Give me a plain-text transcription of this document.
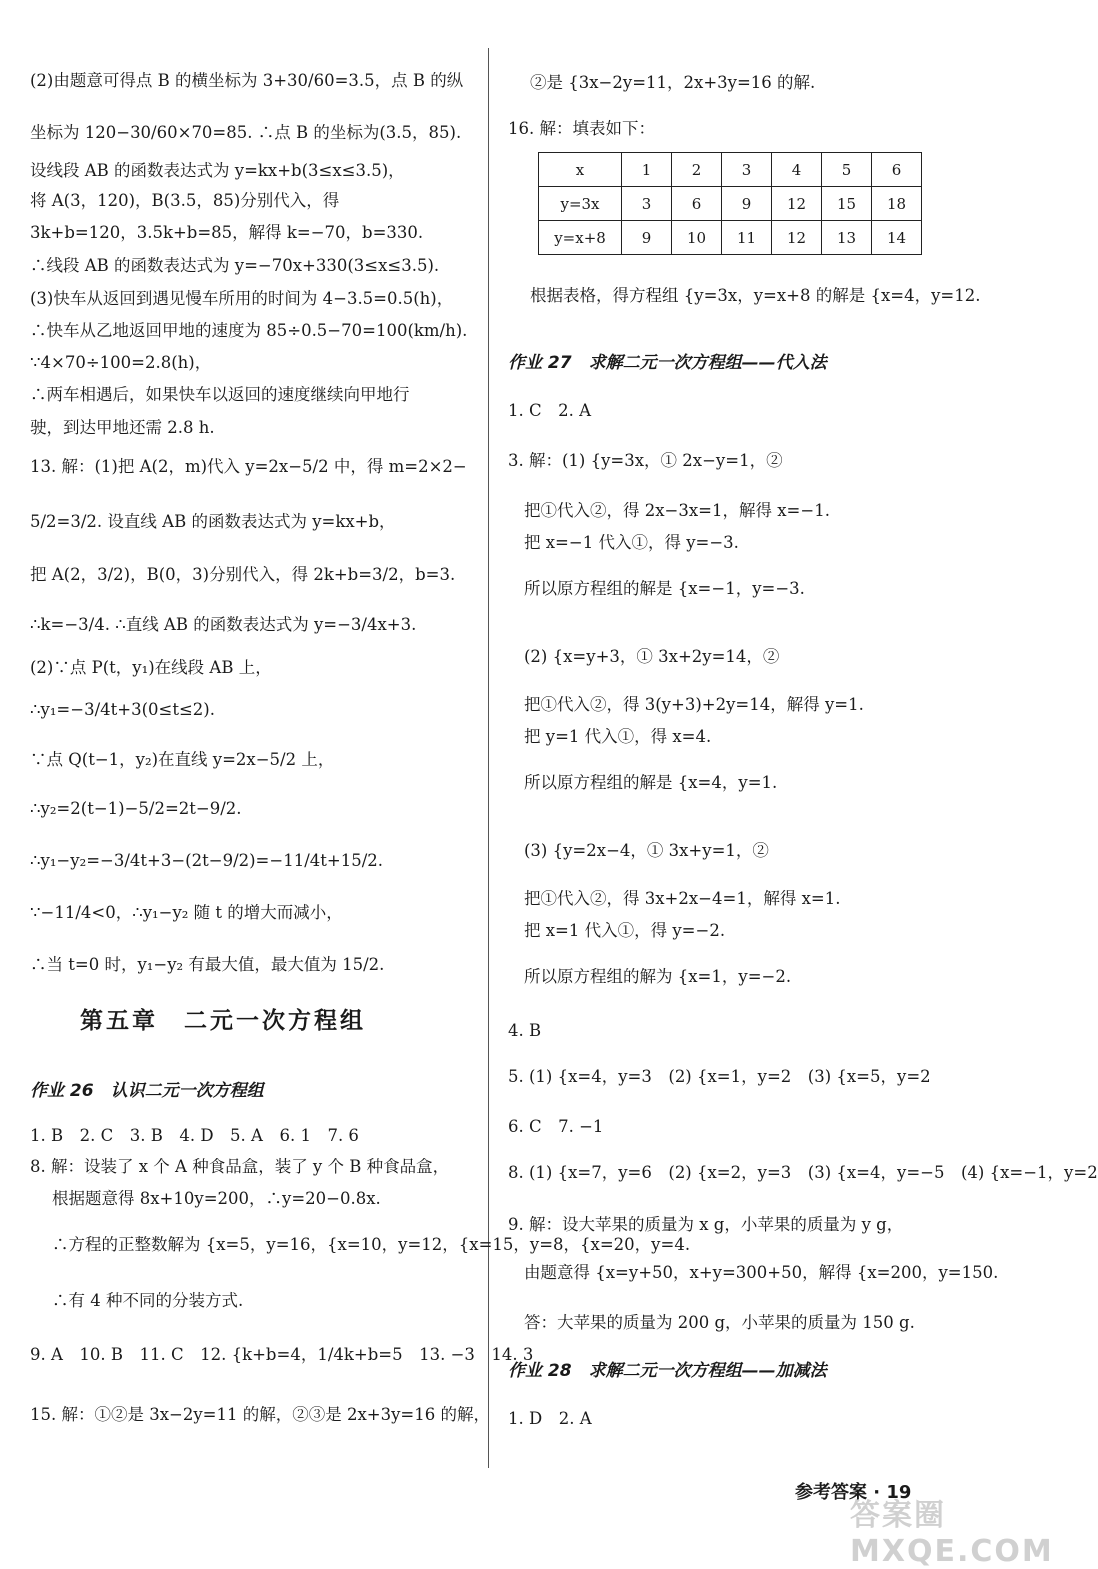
(2)由题意可得点 B 的横坐标为 3+30/60=3.5，点 B 的纵
坐标为 120−30/60×70=85. ∴点 B 的坐标为(3.5，85).
设线段 AB 的函数表达式为 y=kx+b(3≤x≤3.5)，
将 A(3，120)，B(3.5，85)分别代入，得
3k+b=120，3.5k+b=85，解得 k=−70，b=330.
∴线段 AB 的函数表达式为 y=−70x+330(3≤x≤3.5).
(3)快车从返回到遇见慢车所用的时间为 4−3.5=0.5(h)，
∴快车从乙地返回甲地的速度为 85÷0.5−70=100(km/h).
∵4×70÷100=2.8(h)，
∴两车相遇后，如果快车以返回的速度继续向甲地行
驶，到达甲地还需 2.8 h.
13. 解：(1)把 A(2，m)代入 y=2x−5/2 中，得 m=2×2−
5/2=3/2. 设直线 AB 的函数表达式为 y=kx+b，
把 A(2，3/2)，B(0，3)分别代入，得 2k+b=3/2，b=3.
∴k=−3/4. ∴直线 AB 的函数表达式为 y=−3/4x+3.
(2)∵点 P(t，y₁)在线段 AB 上，
∴y₁=−3/4t+3(0≤t≤2).
∵点 Q(t−1，y₂)在直线 y=2x−5/2 上，
∴y₂=2(t−1)−5/2=2t−9/2.
∴y₁−y₂=−3/4t+3−(2t−9/2)=−11/4t+15/2.
∵−11/4<0，∴y₁−y₂ 随 t 的增大而减小，
∴当 t=0 时，y₁−y₂ 有最大值，最大值为 15/2.
第五章　二元一次方程组
作业 26　认识二元一次方程组
1. B　2. C　3. B　4. D　5. A　6. 1　7. 6
8. 解：设装了 x 个 A 种食品盒，装了 y 个 B 种食品盒，
根据题意得 8x+10y=200，∴y=20−0.8x.
∴方程的正整数解为 {x=5，y=16，{x=10，y=12，{x=15，y=8，{x=20，y=4.
∴有 4 种不同的分装方式.
9. A　10. B　11. C　12. {k+b=4，1/4k+b=5　13. −3　14. 3
15. 解：①②是 3x−2y=11 的解，②③是 2x+3y=16 的解，
x	1	2	3	4	5	6
y=3x	3	6	9	12	15	18
y=x+8	9	10	11	12	13	14
②是 {3x−2y=11，2x+3y=16 的解.
16. 解：填表如下：
根据表格，得方程组 {y=3x，y=x+8 的解是 {x=4，y=12.
作业 27　求解二元一次方程组——代入法
1. C　2. A
3. 解：(1) {y=3x，① 2x−y=1，②
把①代入②，得 2x−3x=1，解得 x=−1.
把 x=−1 代入①，得 y=−3.
所以原方程组的解是 {x=−1，y=−3.
(2) {x=y+3，① 3x+2y=14，②
把①代入②，得 3(y+3)+2y=14，解得 y=1.
把 y=1 代入①，得 x=4.
所以原方程组的解是 {x=4，y=1.
(3) {y=2x−4，① 3x+y=1，②
把①代入②，得 3x+2x−4=1，解得 x=1.
把 x=1 代入①，得 y=−2.
所以原方程组的解为 {x=1，y=−2.
4. B
5. (1) {x=4，y=3　(2) {x=1，y=2　(3) {x=5，y=2
6. C　7. −1
8. (1) {x=7，y=6　(2) {x=2，y=3　(3) {x=4，y=−5　(4) {x=−1，y=2
9. 解：设大苹果的质量为 x g，小苹果的质量为 y g，
由题意得 {x=y+50，x+y=300+50，解得 {x=200，y=150.
答：大苹果的质量为 200 g，小苹果的质量为 150 g.
作业 28　求解二元一次方程组——加减法
1. D　2. A
参考答案 · 19
答案圈 MXQE.COM
